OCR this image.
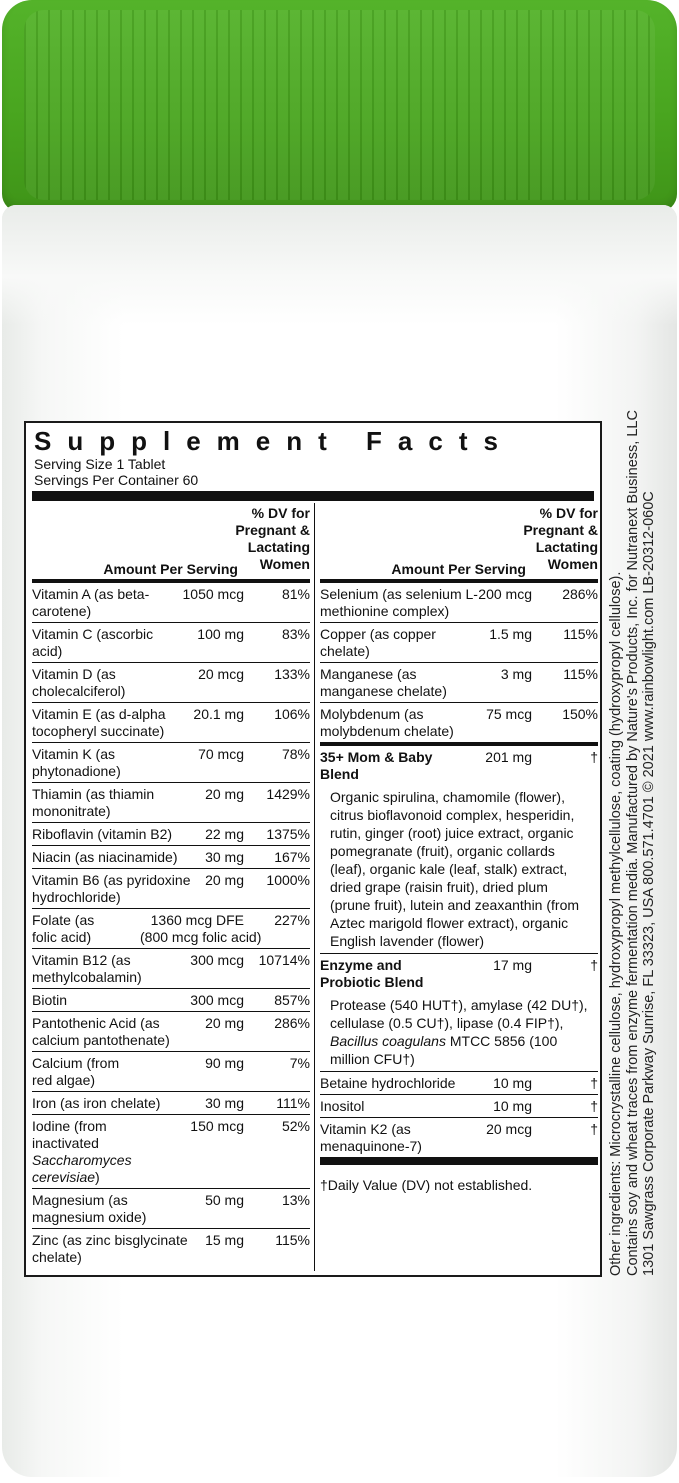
Supplement Facts
Serving Size 1 Tablet
Servings Per Container 60
% DV for
Pregnant &
Lactating
Women
Amount Per Serving
Vitamin A (as beta-carotene)
1050 mcg	81%
Vitamin C (ascorbic acid)
100 mg	83%
Vitamin D (as cholecalciferol)
20 mcg 133%
Vitamin E (as d-alpha tocopheryl succinate)
20.1 mg 106%
Vitamin K (as phytonadione)
70 mcg	78%
Thiamin (as thiamin mononitrate)
20 mg 1429%
Riboflavin (vitamin B2)	22 mg 1375%
Niacin (as niacinamide)	30 mg 167%
Vitamin B6 (as pyridoxine hydrochloride)
20 mg 1000%
Folate (as folic acid)
1360 mcg DFE 227%
(800 mcg folic acid)
Vitamin B12 (as methylcobalamin)
300 mcg 10714%
Biotin	300 mcg 857%
Pantothenic Acid (as calcium pantothenate)
20 mg 286%
Calcium (from red algae)
90 mg	7%
Iron (as iron chelate)	30 mg 111%
Iodine (from inactivated Saccharomyces cerevisiae)
150 mcg	52%
Magnesium (as magnesium oxide)
50 mg	13%
Zinc (as zinc bisglycinate chelate)
15 mg 115%
% DV for
Pregnant &
Lactating
Women
Amount Per Serving
Selenium (as selenium L-methionine complex)
200 mcg 286%
Copper (as copper chelate)
1.5 mg 115%
Manganese (as manganese chelate)
3 mg 115%
Molybdenum (as molybdenum chelate)
75 mcg 150%
35+ Mom & Baby Blend
201 mg	†
Organic spirulina, chamomile (flower), citrus bioflavonoid complex, hesperidin, rutin, ginger (root) juice extract, organic pomegranate (fruit), organic collards (leaf), organic kale (leaf, stalk) extract, dried grape (raisin fruit), dried plum (prune fruit), lutein and zeaxanthin (from Aztec marigold flower extract), organic English lavender (flower)
Enzyme and Probiotic Blend
17 mg	†
Protease (540 HUT†), amylase (42 DU†), cellulase (0.5 CU†), lipase (0.4 FIP†), Bacillus coagulans MTCC 5856 (100 million CFU†)
Betaine hydrochloride	10 mg	†
Inositol	10 mg	†
Vitamin K2 (as menaquinone-7)
20 mcg	†
†Daily Value (DV) not established.	Other ingredients: Microcrystalline cellulose, hydroxypropyl methylcellulose, coating (hydroxypropyl cellulose). Contains soy and wheat traces from enzyme fermentation media. Manufactured by Nature's Products, Inc. for Nutranext Business, LLC 1301 Sawgrass Corporate Parkway Sunrise, FL 33323, USA 800.571.4701 © 2021 www.rainbowlight.com LB-20312-060C
